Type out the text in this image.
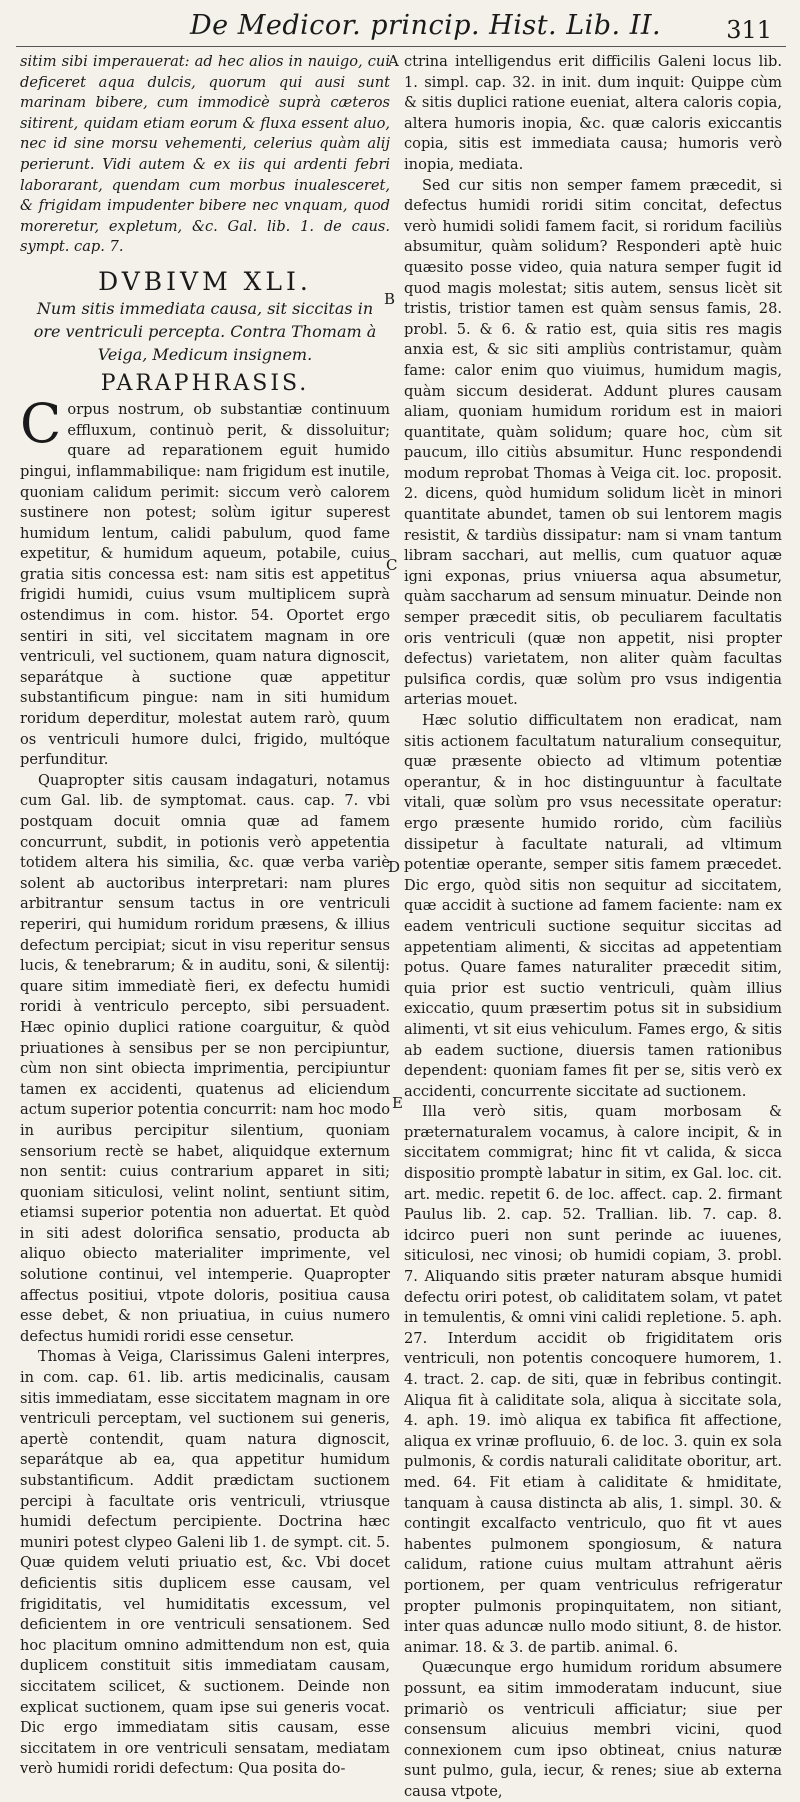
De Medicor. princip. Hist. Lib. II.	311
A
B
C
D
E

sitim sibi imperauerat: ad hec alios in nauigo, cui deficeret aqua dulcis, quorum qui ausi sunt marinam bibere, cum immodicè suprà cæteros sitirent, quidam etiam eorum & fluxa essent aluo, nec id sine morsu vehementi, celerius quàm alij perierunt. Vidi autem & ex iis qui ardenti febri laborarant, quendam cum morbus inualesceret, & frigidam impudenter bibere nec vnquam, quod moreretur, expletum, &c. Gal. lib. 1. de caus. sympt. cap. 7.

DVBIVM XLI.
Num sitis immediata causa, sit siccitas in ore ventriculi percepta. Contra Thomam à Veiga, Medicum insignem.
PARAPHRASIS.

Corpus nostrum, ob substantiæ continuum effluxum, continuò perit, & dissoluitur; quare ad reparationem eguit humido pingui, inflammabilique: nam frigidum est inutile, quoniam calidum perimit: siccum verò calorem sustinere non potest; solùm igitur superest humidum lentum, calidi pabulum, quod fame expetitur, & humidum aqueum, potabile, cuius gratia sitis concessa est: nam sitis est appetitus frigidi humidi, cuius vsum multiplicem suprà ostendimus in com. histor. 54. Oportet ergo sentiri in siti, vel siccitatem magnam in ore ventriculi, vel suctionem, quam natura dignoscit, separátque à suctione quæ appetitur substantificum pingue: nam in siti humidum roridum deperditur, molestat autem rarò, quum os ventriculi humore dulci, frigido, multóque perfunditur.

Quapropter sitis causam indagaturi, notamus cum Gal. lib. de symptomat. caus. cap. 7. vbi postquam docuit omnia quæ ad famem concurrunt, subdit, in potionis verò appetentia totidem altera his similia, &c. quæ verba variè solent ab auctoribus interpretari: nam plures arbitrantur sensum tactus in ore ventriculi reperiri, qui humidum roridum præsens, & illius defectum percipiat; sicut in visu reperitur sensus lucis, & tenebrarum; & in auditu, soni, & silentij: quare sitim immediatè fieri, ex defectu humidi roridi à ventriculo percepto, sibi persuadent. Hæc opinio duplici ratione coarguitur, & quòd priuationes à sensibus per se non percipiuntur, cùm non sint obiecta imprimentia, percipiuntur tamen ex accidenti, quatenus ad eliciendum actum superior potentia concurrit: nam hoc modo in auribus percipitur silentium, quoniam sensorium rectè se habet, aliquidque externum non sentit: cuius contrarium apparet in siti; quoniam siticulosi, velint nolint, sentiunt sitim, etiamsi superior potentia non aduertat. Et quòd in siti adest dolorifica sensatio, producta ab aliquo obiecto materialiter imprimente, vel solutione continui, vel intemperie. Quapropter affectus positiui, vtpote doloris, positiua causa esse debet, & non priuatiua, in cuius numero defectus humidi roridi esse censetur.

Thomas à Veiga, Clarissimus Galeni interpres, in com. cap. 61. lib. artis medicinalis, causam sitis immediatam, esse siccitatem magnam in ore ventriculi perceptam, vel suctionem sui generis, apertè contendit, quam natura dignoscit, separátque ab ea, qua appetitur humidum substantificum. Addit prædictam suctionem percipi à facultate oris ventriculi, vtriusque humidi defectum percipiente. Doctrina hæc muniri potest clypeo Galeni lib 1. de sympt. cit. 5. Quæ quidem veluti priuatio est, &c. Vbi docet deficientis sitis duplicem esse causam, vel frigiditatis, vel humiditatis excessum, vel deficientem in ore ventriculi sensationem. Sed hoc placitum omnino admittendum non est, quia duplicem constituit sitis immediatam causam, siccitatem scilicet, & suctionem. Deinde non explicat suctionem, quam ipse sui generis vocat. Dic ergo immediatam sitis causam, esse siccitatem in ore ventriculi sensatam, mediatam verò humidi roridi defectum: Qua posita do-

ctrina intelligendus erit difficilis Galeni locus lib. 1. simpl. cap. 32. in init. dum inquit: Quippe cùm & sitis duplici ratione eueniat, altera caloris copia, altera humoris inopia, &c. quæ caloris exiccantis copia, sitis est immediata causa; humoris verò inopia, mediata.

Sed cur sitis non semper famem præcedit, si defectus humidi roridi sitim concitat, defectus verò humidi solidi famem facit, si roridum faciliùs absumitur, quàm solidum? Responderi aptè huic quæsito posse video, quia natura semper fugit id quod magis molestat; sitis autem, sensus licèt sit tristis, tristior tamen est quàm sensus famis, 28. probl. 5. & 6. & ratio est, quia sitis res magis anxia est, & sic siti ampliùs contristamur, quàm fame: calor enim quo viuimus, humidum magis, quàm siccum desiderat. Addunt plures causam aliam, quoniam humidum roridum est in maiori quantitate, quàm solidum; quare hoc, cùm sit paucum, illo citiùs absumitur. Hunc respondendi modum reprobat Thomas à Veiga cit. loc. proposit. 2. dicens, quòd humidum solidum licèt in minori quantitate abundet, tamen ob sui lentorem magis resistit, & tardiùs dissipatur: nam si vnam tantum libram sacchari, aut mellis, cum quatuor aquæ igni exponas, prius vniuersa aqua absumetur, quàm saccharum ad sensum minuatur. Deinde non semper præcedit sitis, ob peculiarem facultatis oris ventriculi (quæ non appetit, nisi propter defectus) varietatem, non aliter quàm facultas pulsifica cordis, quæ solùm pro vsus indigentia arterias mouet.

Hæc solutio difficultatem non eradicat, nam sitis actionem facultatum naturalium consequitur, quæ præsente obiecto ad vltimum potentiæ operantur, & in hoc distinguuntur à facultate vitali, quæ solùm pro vsus necessitate operatur: ergo præsente humido rorido, cùm faciliùs dissipetur à facultate naturali, ad vltimum potentiæ operante, semper sitis famem præcedet. Dic ergo, quòd sitis non sequitur ad siccitatem, quæ accidit à suctione ad famem faciente: nam ex eadem ventriculi suctione sequitur siccitas ad appetentiam alimenti, & siccitas ad appetentiam potus. Quare fames naturaliter præcedit sitim, quia prior est suctio ventriculi, quàm illius exiccatio, quum præsertim potus sit in subsidium alimenti, vt sit eius vehiculum. Fames ergo, & sitis ab eadem suctione, diuersis tamen rationibus dependent: quoniam fames fit per se, sitis verò ex accidenti, concurrente siccitate ad suctionem.

Illa verò sitis, quam morbosam & præternaturalem vocamus, à calore incipit, & in siccitatem commigrat; hinc fit vt calida, & sicca dispositio promptè labatur in sitim, ex Gal. loc. cit. art. medic. repetit 6. de loc. affect. cap. 2. firmant Paulus lib. 2. cap. 52. Trallian. lib. 7. cap. 8. idcirco pueri non sunt perinde ac iuuenes, siticulosi, nec vinosi; ob humidi copiam, 3. probl. 7. Aliquando sitis præter naturam absque humidi defectu oriri potest, ob caliditatem solam, vt patet in temulentis, & omni vini calidi repletione. 5. aph. 27. Interdum accidit ob frigiditatem oris ventriculi, non potentis concoquere humorem, 1. 4. tract. 2. cap. de siti, quæ in febribus contingit. Aliqua fit à caliditate sola, aliqua à siccitate sola, 4. aph. 19. imò aliqua ex tabifica fit affectione, aliqua ex vrinæ profluuio, 6. de loc. 3. quin ex sola pulmonis, & cordis naturali caliditate oboritur, art. med. 64. Fit etiam à caliditate & hmiditate, tanquam à causa distincta ab alis, 1. simpl. 30. & contingit excalfacto ventriculo, quo fit vt aues habentes pulmonem spongiosum, & natura calidum, ratione cuius multam attrahunt aëris portionem, per quam ventriculus refrigeratur propter pulmonis propinquitatem, non sitiant, inter quas aduncæ nullo modo sitiunt, 8. de histor. animar. 18. & 3. de partib. animal. 6.

Quæcunque ergo humidum roridum absumere possunt, ea sitim immoderatam inducunt, siue primariò os ventriculi afficiatur; siue per consensum alicuius membri vicini, quod connexionem cum ipso obtineat, cnius naturæ sunt pulmo, gula, iecur, & renes; siue ab externa causa vtpote,
